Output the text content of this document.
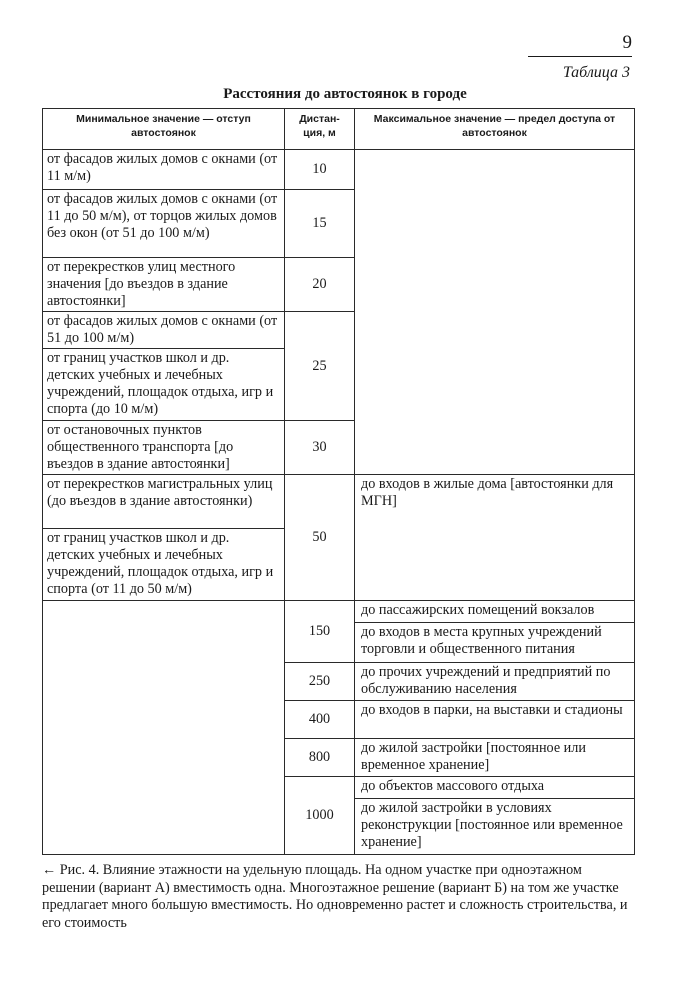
9
Таблица 3
Расстояния до автостоянок в городе
Минимальное значение — отступ автостоянок	Дистан-ция, м	Максимальное значение — предел доступа от автостоянок
от фасадов жилых домов с окнами (от 11 м/м)	10	
от фасадов жилых домов с окнами (от 11 до 50 м/м), от торцов жилых домов без окон (от 51 до 100 м/м)	15	
от перекрестков улиц местного значения [до въездов в здание автостоянки]	20	
от фасадов жилых домов с окнами (от 51 до 100 м/м)	25	
от границ участков школ и др. детских учебных и лечебных учреждений, площадок отдыха, игр и спорта (до 10 м/м)		
от остановочных пунктов общественного транспорта [до въездов в здание автостоянки]	30	
от перекрестков магистральных улиц (до въездов в здание автостоянки)	50	до входов в жилые дома [автостоянки для МГН]
от границ участков школ и др. детских учебных и лечебных учреждений, площадок отдыха, игр и спорта (от 11 до 50 м/м)		
	150	до пассажирских помещений вокзалов
		до входов в места крупных учреждений торговли и общественного питания
	250	до прочих учреждений и предприятий по обслуживанию населения
	400	до входов в парки, на выставки и стадионы
	800	до жилой застройки [постоянное или временное хранение]
	1000	до объектов массового отдыха
		до жилой застройки в условиях реконструкции [постоянное или временное хранение]
← Рис. 4. Влияние этажности на удельную площадь. На одном участке при одноэтажном решении (вариант А) вместимость одна. Многоэтажное решение (вариант Б) на том же участке предлагает много большую вместимость. Но одновременно растет и сложность строительства, и его стоимость
